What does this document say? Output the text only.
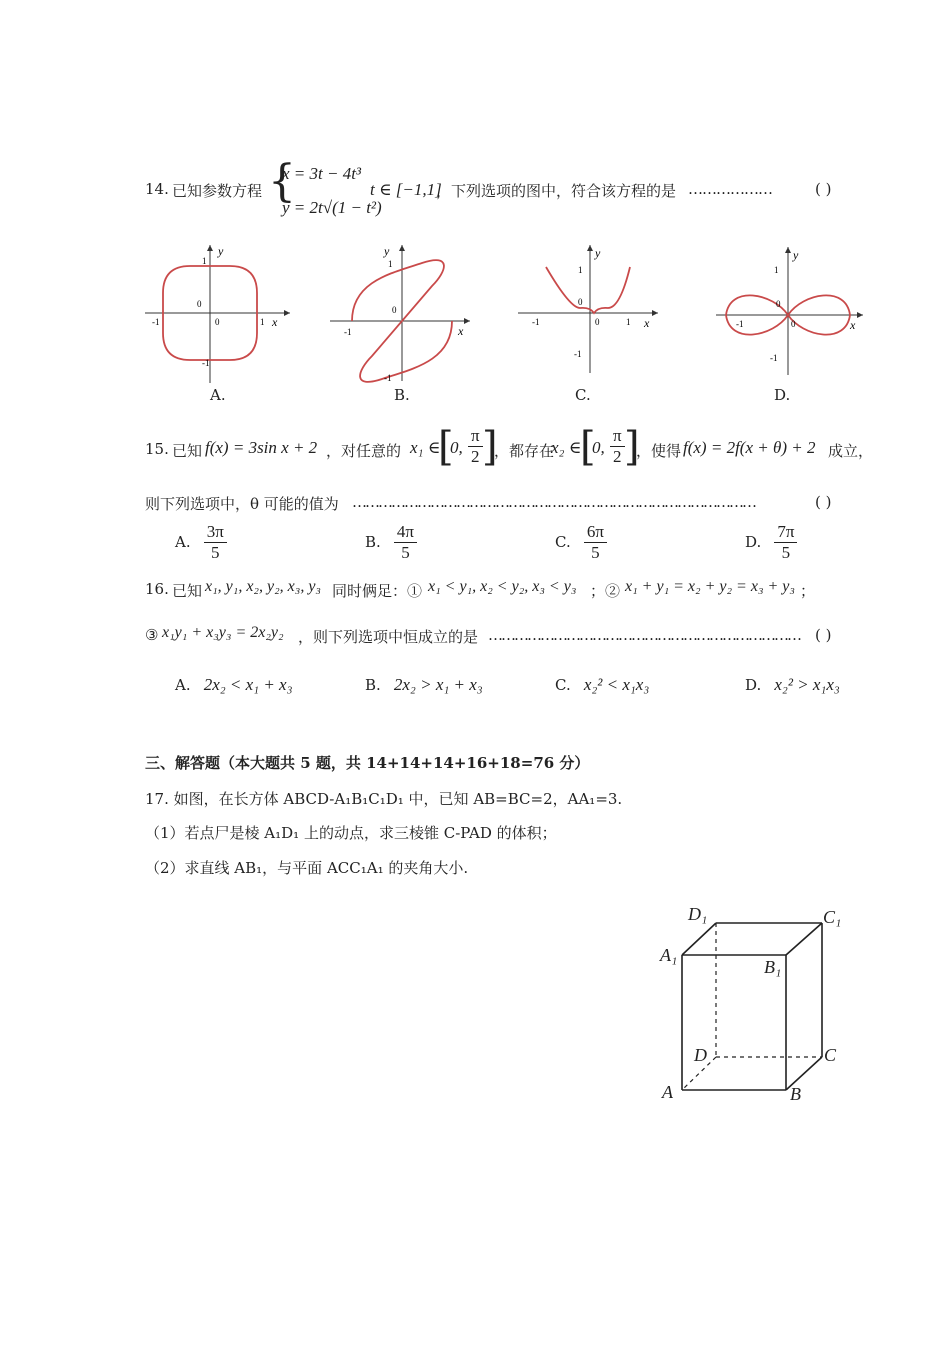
14. 已知参数方程 {
x = 3t − 4t³
y = 2t√(1 − t²)
t ∈ [−1,1]
，下列选项的图中，符合该方程的是 ………………	( )
y
x
0
0
1
-1
-1	1
y
x
0
-1
1
-1
y
x
0
0
1
-1
-1	1
y
x
0
0
1
-1
-1
A.	B.	C.	D.
15. 已知 f(x) = 3sin x + 2 ，对任意的 x₁ ∈
[
0, $\frac{\pi}{2}$ ]
，都存在
x₂ ∈
[
0, $\frac{\pi}{2}$ ]
，使得 f(x) = 2f(x + θ) + 2 成立，
则下列选项中，θ 可能的值为 …………………………………………………………………………………	( )
A. $\frac{3\pi}{5}$	B. $\frac{4\pi}{5}$	C. $\frac{6\pi}{5}$	D. $\frac{7\pi}{5}$
16. 已知 x₁, y₁, x₂, y₂, x₃, y₃ 同时俩足：① x₁ < y₁, x₂ < y₂, x₃ < y₃ ；② x₁ + y₁ = x₂ + y₂ = x₃ + y₃ ；
③ x₁y₁ + x₃y₃ = 2x₂y₂ ，则下列选项中恒成立的是 ……………………………………………………………… ( )
A. 2x₂ < x₁ + x₃	B. 2x₂ > x₁ + x₃	C. x₂² < x₁x₃	D. x₂² > x₁x₃
三、解答题（本大题共 5 题，共 14+14+14+16+18=76 分）
17. 如图，在长方体 ABCD-A₁B₁C₁D₁ 中，已知 AB=BC=2，AA₁=3.
（1）若点尸是棱 A₁D₁ 上的动点，求三棱锥 C-PAD 的体积；
（2）求直线 AB₁，与平面 ACC₁A₁ 的夹角大小.
D₁	C₁
A₁
B₁
D	C
A	B
